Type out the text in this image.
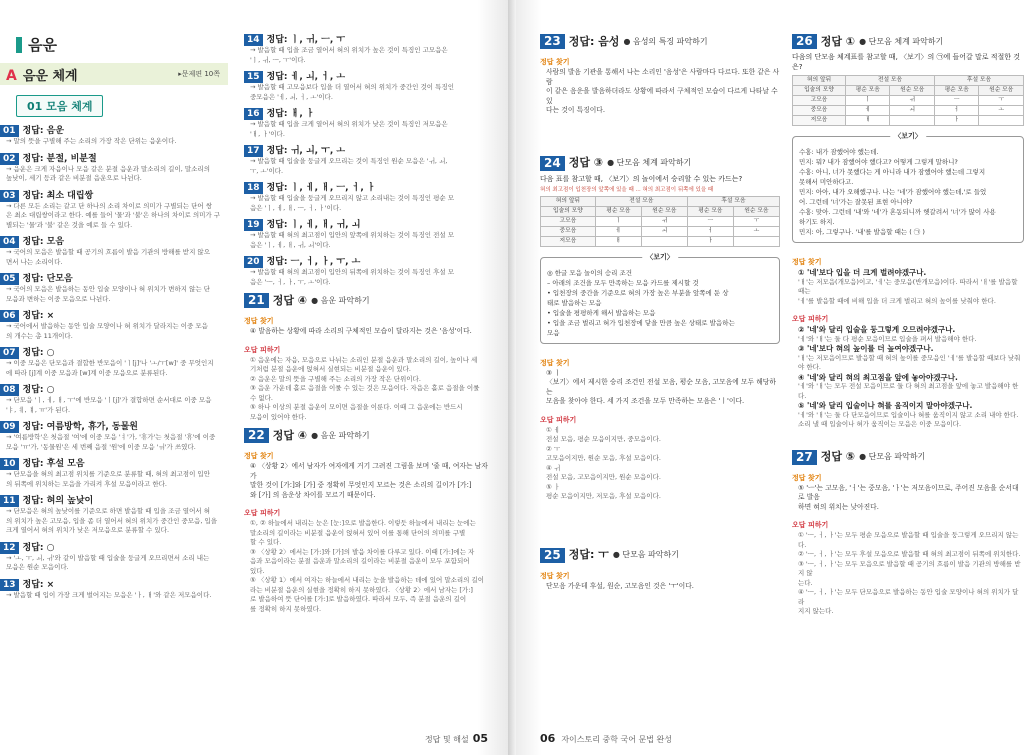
음운
A 음운 체계	▸문제편 10쪽
01 모음 체계
01 정답: 음운
→ 말의 뜻을 구별해 주는 소리의 가장 작은 단위는 음운이다.
02 정답: 분절, 비분절
→ 음운은 크게 자음이나 모음 같은 분절 음운과 말소리의 길이, 말소리의
높낮이, 세기 등과 같은 비분절 음운으로 나뉜다.
03 정답: 최소 대립쌍
→ 다른 모든 소리는 같고 단 하나의 소리 차이로 의미가 구별되는 단어 쌍
은 최소 대립쌍이라고 한다. 예를 들어 '물'과 '불'은 하나의 차이로 의미가 구
별되는 '물'과 '불' 같은 것을 예로 들 수 있다.
04 정답: 모음
→ 국어의 모음은 발음할 때 공기의 흐름이 발음 기관의 방해를 받지 않으
면서 나는 소리이다.
05 정답: 단모음
→ 국어의 모음은 발음하는 동안 입술 모양이나 혀 위치가 변하지 않는 단
모음과 변하는 이중 모음으로 나뉜다.
06 정답: ×
→ 국어에서 발음하는 동안 입술 모양이나 혀 위치가 달라지는 이중 모음
의 개수는 총 11개이다.
07 정답: ○
→ 이중 모음은 단모음과 결합한 반모음이 'ㅣ[j]'나 'ㅗ/ㅜ[w]' 중 무엇인지
에 따라 [j]계 이중 모음과 [w]계 이중 모음으로 분류된다.
08 정답: ○
→ 단모음 'ㅣ, ㅔ, ㅐ, ㅜ'에 반모음 'ㅣ[j]'가 결합하면 순서대로 이중 모음
'ㅑ, ㅖ, ㅒ, ㅠ'가 된다.
09 정답: 여름방학, 휴가, 동물원
→ '여름방학'은 첫음절 '여'에 이중 모음 'ㅕ'가, '휴가'는 첫음절 '휴'에 이중
모음 'ㅠ'가, '동물원'은 세 번째 음절 '원'에 이중 모음 'ㅝ'가 쓰였다.
10 정답: 후설 모음
→ 단모음을 혀의 최고점 위치를 기준으로 분류할 때, 혀의 최고점이 입안
의 뒤쪽에 위치하는 모음을 가리켜 후설 모음이라고 한다.
11 정답: 혀의 높낮이
→ 단모음은 혀의 높낮이를 기준으로 하면 발음할 때 입을 조금 열어서 혀
의 위치가 높은 고모음, 입을 좀 더 열어서 혀의 위치가 중간인 중모음, 입을
크게 열어서 혀의 위치가 낮은 저모음으로 분류할 수 있다.
12 정답: ○
→ 'ㅗ, ㅜ, ㅚ, ㅟ'와 같이 발음할 때 입술을 둥글게 오므리면서 소리 내는
모음은 원순 모음이다.
13 정답: ×
→ 발음할 때 입이 가장 크게 벌어지는 모음은 'ㅏ, ㅐ'와 같은 저모음이다.
14 정답: ㅣ, ㅟ, ㅡ, ㅜ
→ 발음할 때 입을 조금 열어서 혀의 위치가 높은 것이 특징인 고모음은
'ㅣ, ㅟ, ㅡ, ㅜ'이다.
15 정답: ㅔ, ㅚ, ㅓ, ㅗ
→ 발음할 때 고모음보다 입을 더 열어서 혀의 위치가 중간인 것이 특징인
중모음은 'ㅔ, ㅚ, ㅓ, ㅗ'이다.
16 정답: ㅐ, ㅏ
→ 발음할 때 입을 크게 열어서 혀의 위치가 낮은 것이 특징인 저모음은
'ㅐ, ㅏ'이다.
17 정답: ㅟ, ㅚ, ㅜ, ㅗ
→ 발음할 때 입술을 둥글게 오므리는 것이 특징인 원순 모음은 'ㅟ, ㅚ,
ㅜ, ㅗ'이다.
18 정답: ㅣ, ㅔ, ㅐ, ㅡ, ㅓ, ㅏ
→ 발음할 때 입술을 둥글게 오므리지 않고 소리내는 것이 특징인 평순 모
음은 'ㅣ, ㅔ, ㅐ, ㅡ, ㅓ, ㅏ'이다.
19 정답: ㅣ, ㅔ, ㅐ, ㅟ, ㅚ
→ 발음할 때 혀의 최고점이 입안의 앞쪽에 위치하는 것이 특징인 전설 모
음은 'ㅣ, ㅔ, ㅐ, ㅟ, ㅚ'이다.
20 정답: ㅡ, ㅓ, ㅏ, ㅜ, ㅗ
→ 발음할 때 혀의 최고점이 입안의 뒤쪽에 위치하는 것이 특징인 후설 모
음은 'ㅡ, ㅓ, ㅏ, ㅜ, ㅗ'이다.
21 정답 ④ ● 음운 파악하기
정답 찾기
④ 발음하는 상황에 따라 소리의 구체적인 모습이 달라지는 것은 '음성'이다.
오답 피하기
① 음운에는 자음, 모음으로 나뉘는 소리인 분절 음운과 말소리의 길이, 높이나 세
기처럼 분절 음운에 얹혀서 실현되는 비분절 음운이 있다.
② 음운은 말의 뜻을 구별해 주는 소리의 가장 작은 단위이다.
③ 음운 가운데 홀로 음절을 이룰 수 있는 것은 모음이다. 자음은 홀로 음절을 이룰
수 없다.
⑤ 하나 이상의 분절 음운이 모이면 음절을 이룬다. 이때 그 음운에는 반드시
모음이 있어야 한다.
22 정답 ④ ● 음운 파악하기
정답 찾기
④ 〈상황 2〉에서 남자가 여자에게 거기 그려진 그림을 보며 '줄 때, 여자는 남자가
말한 것이 [가:]와 [가] 중 정확히 무엇인지 모르는 것은 소리의 길이가 [가:]
와 [가] 의 음운상 차이를 모르기 때문이다.
오답 피하기
①, ② 하늘에서 내리는 눈은 [눈:]으로 발음한다. 이렇듯 하늘에서 내리는 눈에는
말소리의 길이라는 비분절 음운이 얹혀서 있어 이를 통해 단어의 의미를 구별
할 수 있다.
③ 〈상황 2〉에서는 [가:]와 [가]의 발음 차이를 다루고 있다. 이때 [가:]에는 자
음과 모음이라는 분절 음운과 말소리의 길이라는 비분절 음운이 모두 포함되어
있다.
⑤ 〈상황 1〉에서 여자는 하늘에서 내리는 눈을 발음하는 데에 있어 말소리의 길이
라는 비분절 음운의 실현을 정확히 하지 못하였다. 〈상황 2〉에서 남자는 [가:]
로 발음하여 뜻 단어를 [가:]로 발음하였다. 따라서 모두, 즉 분절 음운의 길이
를 정확히 하지 못하였다.
정답 및 해설 05
23 정답: 음성 ● 음성의 특징 파악하기
정답 찾기
사람의 발음 기관을 통해서 나는 소리인 '음성'은 사람마다 다르다. 또한 같은 사람
이 같은 음운을 발음하더라도 상황에 따라서 구체적인 모습이 다르게 나타날 수 있
다는 것이 특징이다.
24 정답 ③ ● 단모음 체계 파악하기
다음 표를 참고할 때, 〈보기〉의 놀이에서 승리할 수 있는 카드는?
혀의 최고점이 입천장의 앞쪽에 있을 때 ... 혀의 최고점이 뒤쪽에 있을 때
혀의 앞뒤	전설 모음		후설 모음	
입술의 모양	평순 모음	원순 모음	평순 모음	원순 모음
고모음	ㅣ	ㅟ	ㅡ	ㅜ
중모음	ㅔ	ㅚ	ㅓ	ㅗ
저모음	ㅐ		ㅏ	
〈보기〉
◎ 한글 모음 놀이의 승리 조건
– 아래의 조건을 모두 만족하는 모음 카드를 제시할 것
• 입천장의 중간을 기준으로 혀의 가장 높은 부분을 앞쪽에 둔 상
태로 발음하는 모음
• 입술을 평평하게 해서 발음하는 모음
• 입을 조금 벌리고 혀가 입천장에 닿을 만큼 높은 상태로 발음하는
모음
정답 찾기
③ ㅣ
〈보기〉에서 제시한 승리 조건인 전설 모음, 평순 모음, 고모음에 모두 해당하는
모음을 찾아야 한다. 세 가지 조건을 모두 만족하는 모음은 'ㅣ'이다.
오답 피하기
① ㅔ
전설 모음, 평순 모음이지만, 중모음이다.
② ㅜ
고모음이지만, 원순 모음, 후설 모음이다.
④ ㅟ
전설 모음, 고모음이지만, 원순 모음이다.
⑤ ㅏ
평순 모음이지만, 저모음, 후설 모음이다.
25 정답: ㅜ ● 단모음 파악하기
정답 찾기
단모음 가운데 후설, 원순, 고모음인 것은 'ㅜ'이다.
26 정답 ① ● 단모음 체계 파악하기
다음의 단모음 체계표를 참고할 때, 〈보기〉의 ㉠에 들어갈 말로 적절한 것은?
혀의 앞뒤	전설 모음		후설 모음	
입술의 모양	평순 모음	원순 모음	평순 모음	원순 모음
고모음	ㅣ	ㅟ	ㅡ	ㅜ
중모음	ㅔ	ㅚ	ㅓ	ㅗ
저모음	ㅐ		ㅏ	
〈보기〉
수홍: 내가 잠했어야 했는데.
민지: 뭐? 내가 잠했어야 했다고? 어떻게 그렇게 말하니?
수홍: 아니, 너가 못했다는 게 아니라 내가 잠했어야 했는데 그렇지
못해서 미안하다고.
민지: 아아, 내가 오해했구나. 나는 '네'가 잠했어야 했는데,'로 들었
어. 그런데 '너'가는 잘못된 표현 아니야?
수홍: 맞아. 그런데 '내'와 '네'가 혼동되니까 헷갈려서 '너'가 많이 사용
하기도 하지.
민지: 아, 그렇구나. '내'를 발음할 때는 ( ㉠ )
정답 찾기
① '네'보다 입을 더 크게 벌려야겠구나.
'ㅐ'는 저모음(개모음)이고, 'ㅔ'는 중모음(반개모음)이다. 따라서 'ㅐ'를 발음할 때는
'ㅔ'를 발음할 때에 비해 입을 더 크게 벌리고 혀의 높이를 낮춰야 한다.
오답 피하기
② '네'와 달리 입술을 둥그렇게 오므려야겠구나.
'ㅔ'와 'ㅐ'는 둘 다 평순 모음이므로 입술을 펴서 발음해야 한다.
③ '네'보다 혀의 높이를 더 높여야겠구나.
'ㅐ'는 저모음이므로 발음할 때 혀의 높이를 중모음인 'ㅔ'를 발음할 때보다 낮춰야 한다.
④ '네'와 달리 혀의 최고점을 앞에 놓아야겠구나.
'ㅔ'와 'ㅐ'는 모두 전설 모음이므로 둘 다 혀의 최고점을 앞에 놓고 발음해야 한다.
⑤ '네'와 달리 입술이나 혀를 움직이지 말아야겠구나.
'ㅔ'와 'ㅐ'는 둘 다 단모음이므로 입술이나 혀를 움직이지 않고 소리 내야 한다. 소리 낼 때 입술이나 혀가 움직이는 모음은 이중 모음이다.
27 정답 ⑤ ● 단모음 파악하기
정답 찾기
⑤ 'ㅡ'는 고모음, 'ㅓ'는 중모음, 'ㅏ'는 저모음이므로, 주어진 모음을 순서대로 발음
하면 혀의 위치는 낮아진다.
오답 피하기
① 'ㅡ, ㅓ, ㅏ'는 모두 평순 모음으로 발음할 때 입술을 둥그렇게 오므리지 않는다.
② 'ㅡ, ㅓ, ㅏ'는 모두 후설 모음으로 발음할 때 혀의 최고점이 뒤쪽에 위치한다.
③ 'ㅡ, ㅓ, ㅏ'는 모두 모음으로 발음할 때 공기의 흐름이 발음 기관의 방해를 받지 않
는다.
④ 'ㅡ, ㅓ, ㅏ'는 모두 단모음으로 발음하는 동안 입술 모양이나 혀의 위치가 달라
지지 않는다.
06 자이스토리 중학 국어 문법 완성
